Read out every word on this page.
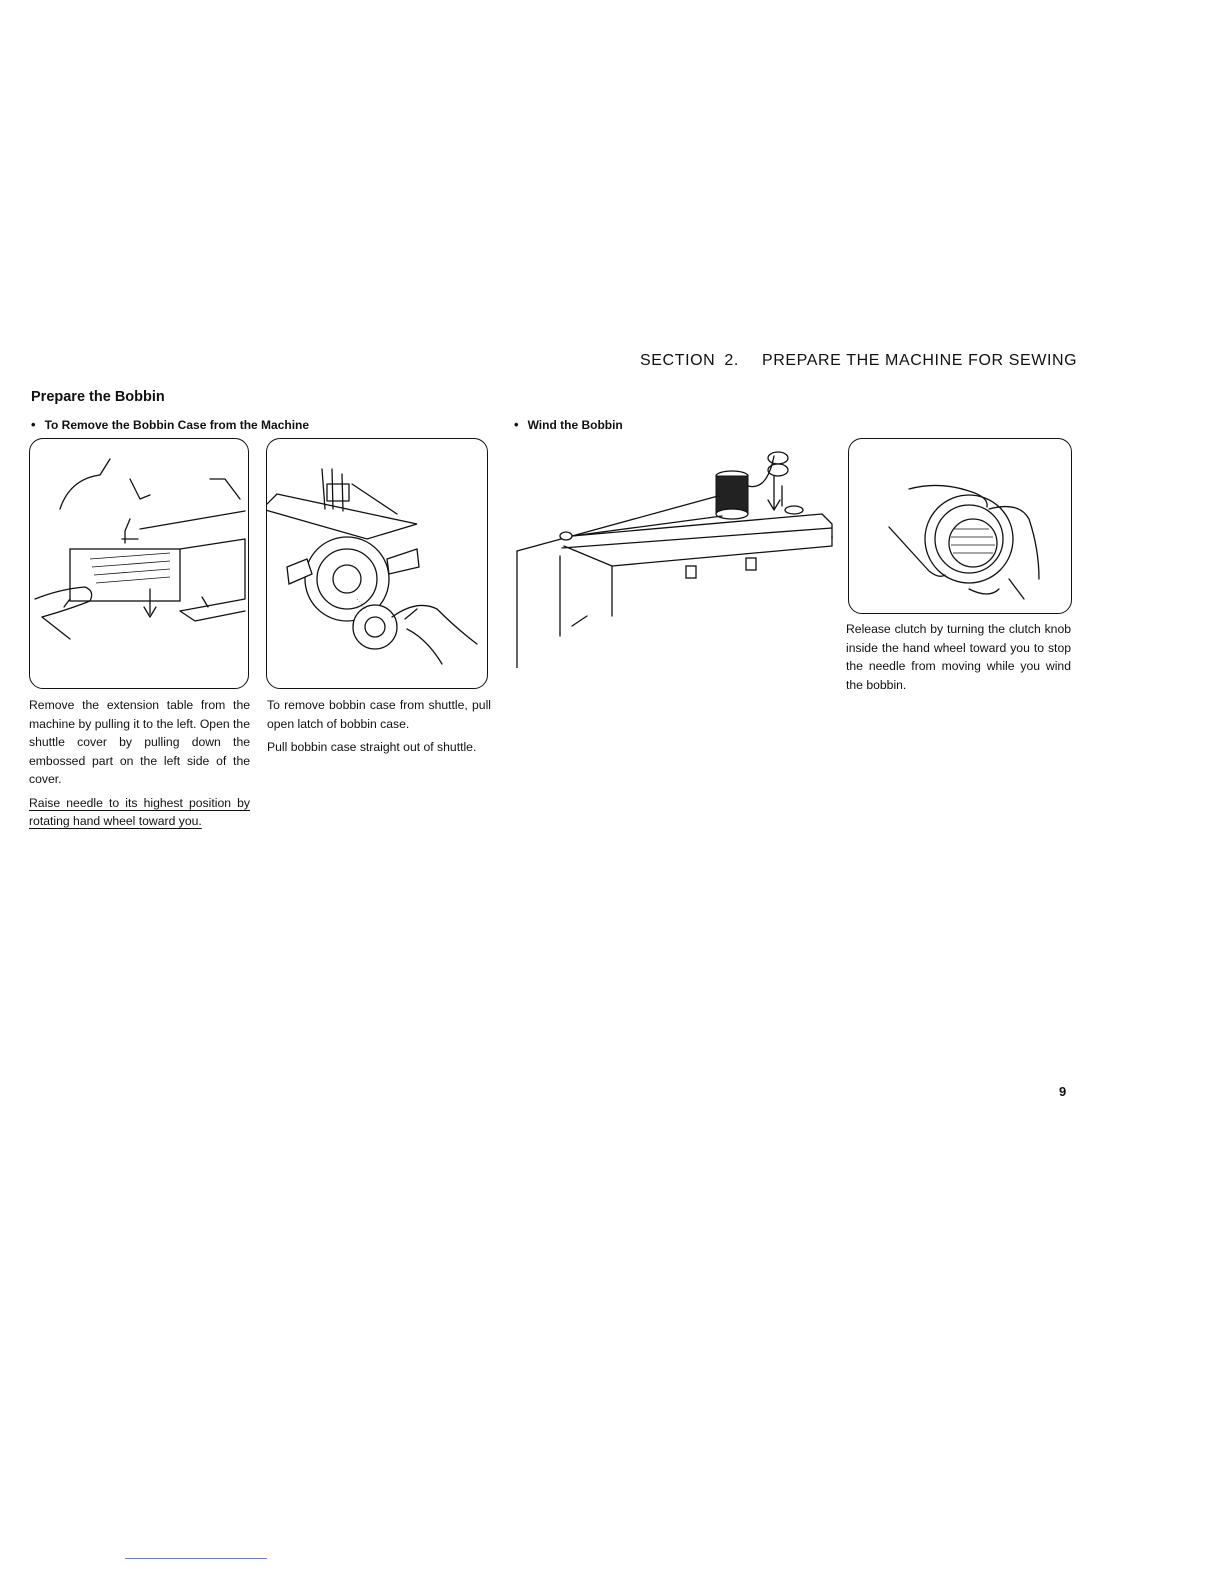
SECTION 2. PREPARE THE MACHINE FOR SEWING
Prepare the Bobbin
• To Remove the Bobbin Case from the Machine	• Wind the Bobbin

Remove the extension table from the machine by pulling it to the left. Open the shuttle cover by pulling down the embossed part on the left side of the cover.

Raise needle to its highest position by rotating hand wheel toward you.

To remove bobbin case from shuttle, pull open latch of bobbin case.

Pull bobbin case straight out of shuttle.

Release clutch by turning the clutch knob inside the hand wheel toward you to stop the needle from moving while you wind the bobbin.

9
